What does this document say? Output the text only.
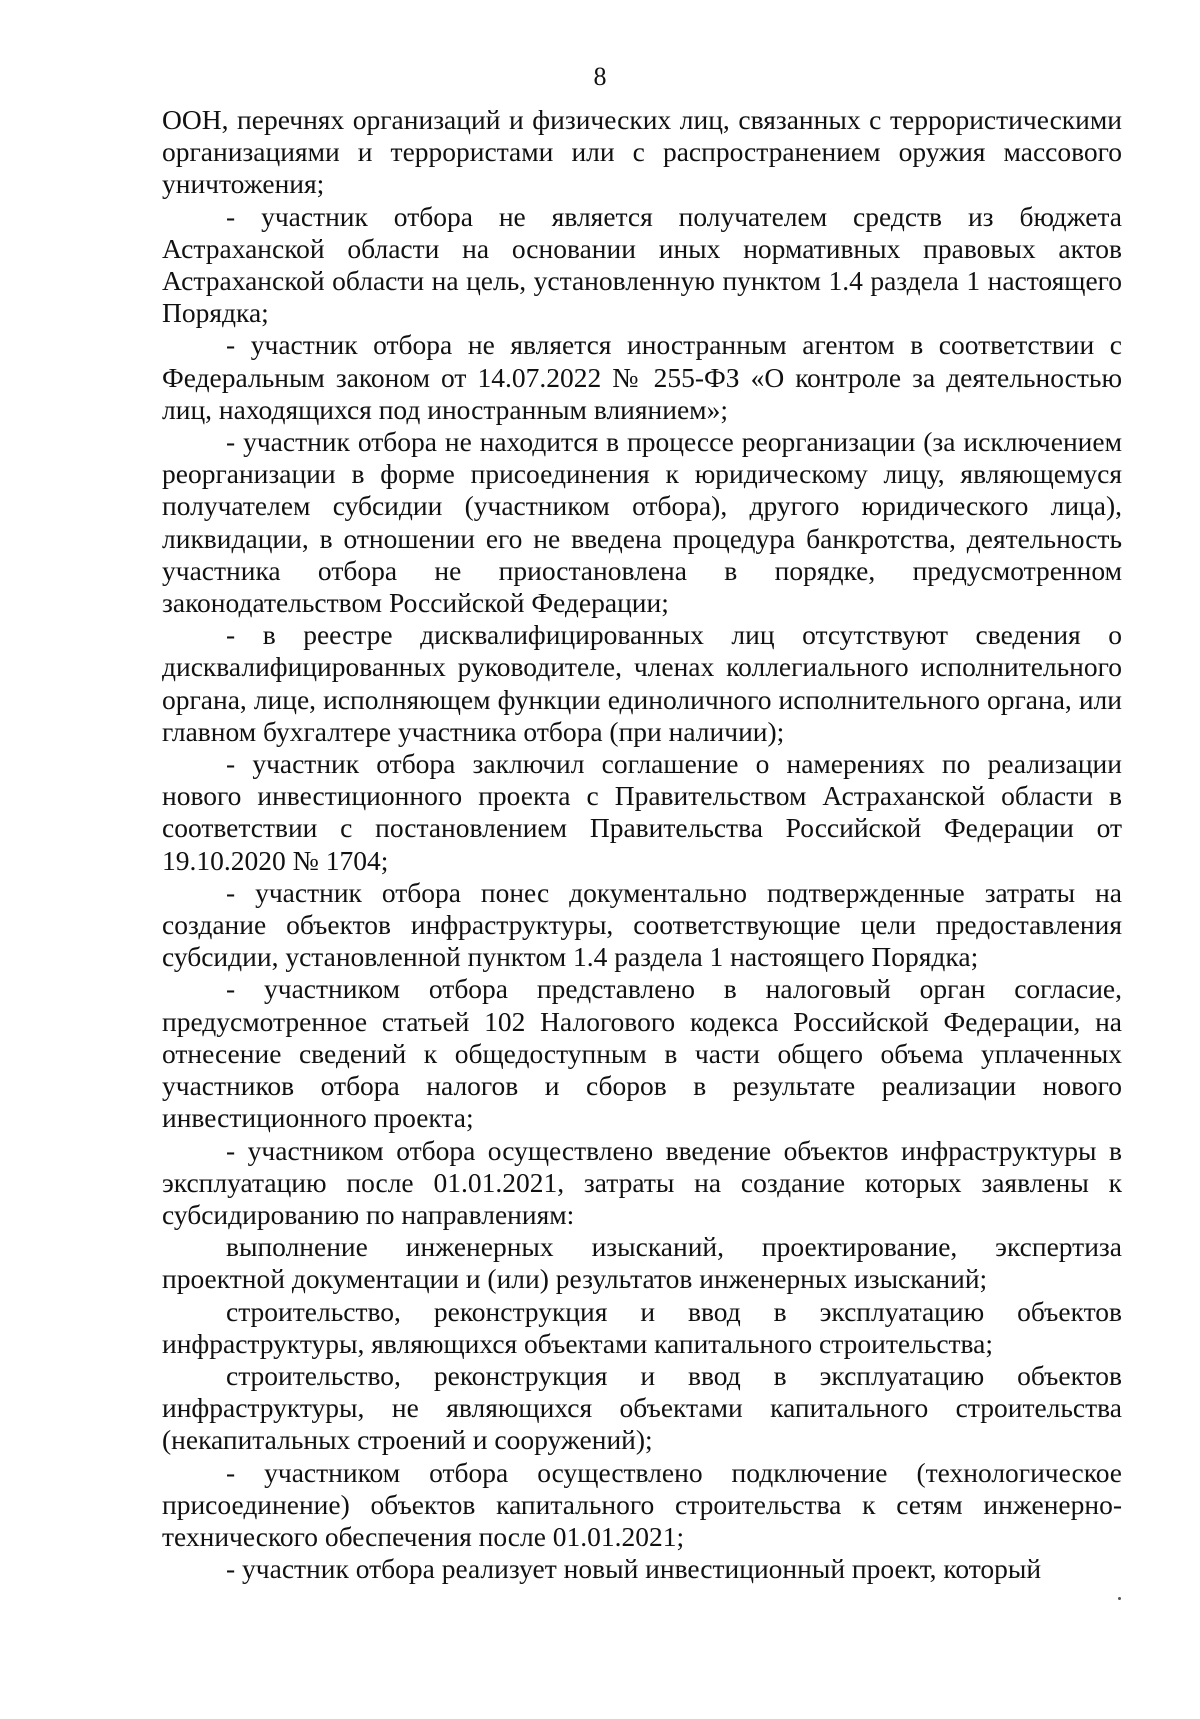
8

ООН, перечнях организаций и физических лиц, связанных с террористическими организациями и террористами или с распространением оружия массового уничтожения;

- участник отбора не является получателем средств из бюджета Астраханской области на основании иных нормативных правовых актов Астраханской области на цель, установленную пунктом 1.4 раздела 1 настоящего Порядка;

- участник отбора не является иностранным агентом в соответствии с Федеральным законом от 14.07.2022 № 255-ФЗ «О контроле за деятельностью лиц, находящихся под иностранным влиянием»;

- участник отбора не находится в процессе реорганизации (за исключением реорганизации в форме присоединения к юридическому лицу, являющемуся получателем субсидии (участником отбора), другого юридического лица), ликвидации, в отношении его не введена процедура банкротства, деятельность участника отбора не приостановлена в порядке, предусмотренном законодательством Российской Федерации;

- в реестре дисквалифицированных лиц отсутствуют сведения о дисквалифицированных руководителе, членах коллегиального исполнительного органа, лице, исполняющем функции единоличного исполнительного органа, или главном бухгалтере участника отбора (при наличии);

- участник отбора заключил соглашение о намерениях по реализации нового инвестиционного проекта с Правительством Астраханской области в соответствии с постановлением Правительства Российской Федерации от 19.10.2020 № 1704;

- участник отбора понес документально подтвержденные затраты на создание объектов инфраструктуры, соответствующие цели предоставления субсидии, установленной пунктом 1.4 раздела 1 настоящего Порядка;

- участником отбора представлено в налоговый орган согласие, предусмотренное статьей 102 Налогового кодекса Российской Федерации, на отнесение сведений к общедоступным в части общего объема уплаченных участников отбора налогов и сборов в результате реализации нового инвестиционного проекта;

- участником отбора осуществлено введение объектов инфраструктуры в эксплуатацию после 01.01.2021, затраты на создание которых заявлены к субсидированию по направлениям:

выполнение инженерных изысканий, проектирование, экспертиза проектной документации и (или) результатов инженерных изысканий;

строительство, реконструкция и ввод в эксплуатацию объектов инфраструктуры, являющихся объектами капитального строительства;

строительство, реконструкция и ввод в эксплуатацию объектов инфраструктуры, не являющихся объектами капитального строительства (некапитальных строений и сооружений);

- участником отбора осуществлено подключение (технологическое присоединение) объектов капитального строительства к сетям инженерно-технического обеспечения после 01.01.2021;

- участник отбора реализует новый инвестиционный проект, который
